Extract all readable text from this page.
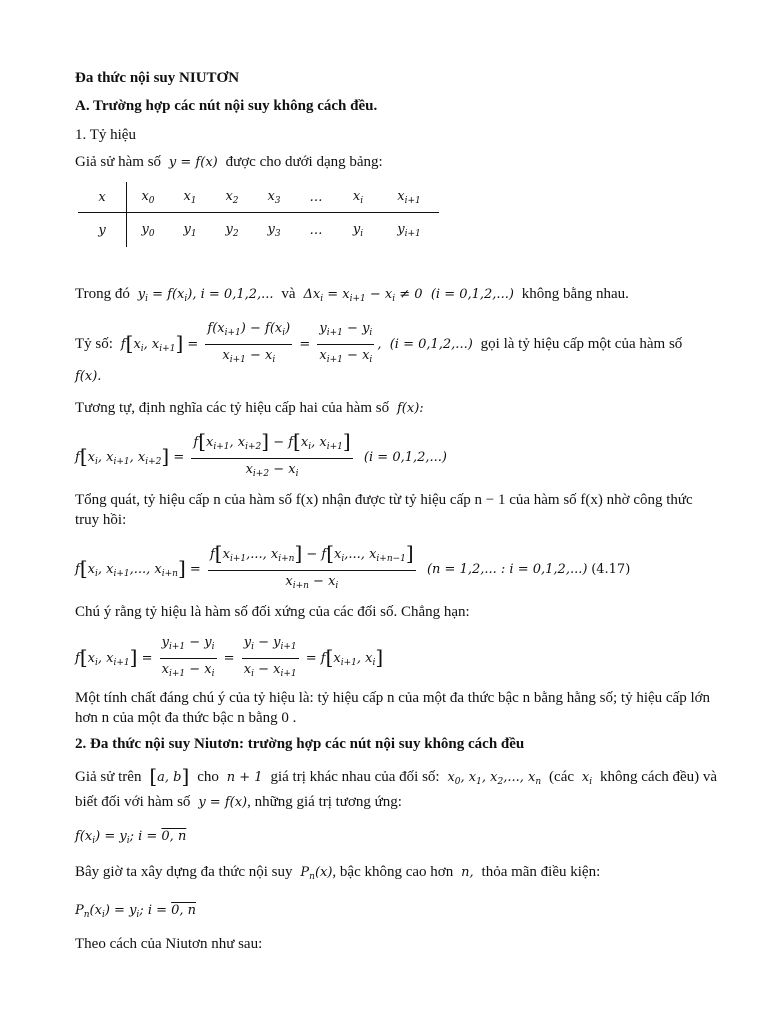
Đa thức nội suy NIUTƠN
A. Trường hợp các nút nội suy không cách đều.
1. Tỷ hiệu
Giả sử hàm số  y = f(x)  được cho dưới dạng bảng:
x	$x_0$	$x_1$	$x_2$	$x_3$	…	$x_i$	$x_{i+1}$
y	$y_0$	$y_1$	$y_2$	$y_3$	…	$y_i$	$y_{i+1}$
Trong đó  $y_i = f(x_i)$, i = 0,1,2,...  và  $\Delta x_i = x_{i+1} - x_i \ne 0$  (i = 0,1,2,...)  không bằng nhau.
Tỷ số:  $f[x_i$, $x_{i+1}] = \frac{f(x_{i+1}) - f(x_i)}{x_{i+1} - x_i} = \frac{y_{i+1} - y_i}{x_{i+1} - x_i}$ ,  (i = 0,1,2,...)  gọi là tỷ hiệu cấp một của hàm số
f(x).
Tương tự, định nghĩa các tỷ hiệu cấp hai của hàm số  f(x):
$f[x_i$, $x_{i+1}$, $x_{i+2}] = \frac{f[x_{i+1}, x_{i+2}] - f[x_i, x_{i+1}]}{x_{i+2} - x_i} (i = 0,1,2,...)$
Tổng quát, tỷ hiệu cấp n của hàm số f(x) nhận được từ tỷ hiệu cấp n − 1 của hàm số f(x) nhờ công thức truy hồi:
$f[x_i$, $x_{i+1}$,..., $x_{i+n}] = \frac{f[x_{i+1},..., x_{i+n}] - f[x_i,..., x_{i+n-1}]}{x_{i+n} - x_i} (n = 1,2$,... : i = 0,1,2,...) (4.17)
Chú ý rằng tỷ hiệu là hàm số đối xứng của các đối số. Chẳng hạn:
$f[x_i$, $x_{i+1}] = \frac{y_{i+1} - y_i}{x_{i+1} - x_i} = \frac{y_i - y_{i+1}}{x_i - x_{i+1}} = f[x_{i+1}$, $x_i$]
Một tính chất đáng chú ý của tỷ hiệu là: tỷ hiệu cấp n của một đa thức bậc n bằng hằng số; tỷ hiệu cấp lớn hơn n của một đa thức bậc n bằng 0 .
2. Đa thức nội suy Niutơn: trường hợp các nút nội suy không cách đều
Giả sử trên [a, b] cho  n + 1  giá trị khác nhau của đối số:  $x_0$, $x_1$, $x_2$,..., $x_n$ (các  $x_i$ không cách đều) và
biết đối với hàm số  y = f(x), những giá trị tương ứng:
$f(x_i) = y_i$; i = 0, n
Bây giờ ta xây dựng đa thức nội suy  $P_n(x)$, bậc không cao hơn  n,  thỏa mãn điều kiện:
$P_n(x_i) = y_i$; i = 0, n
Theo cách của Niutơn như sau:
